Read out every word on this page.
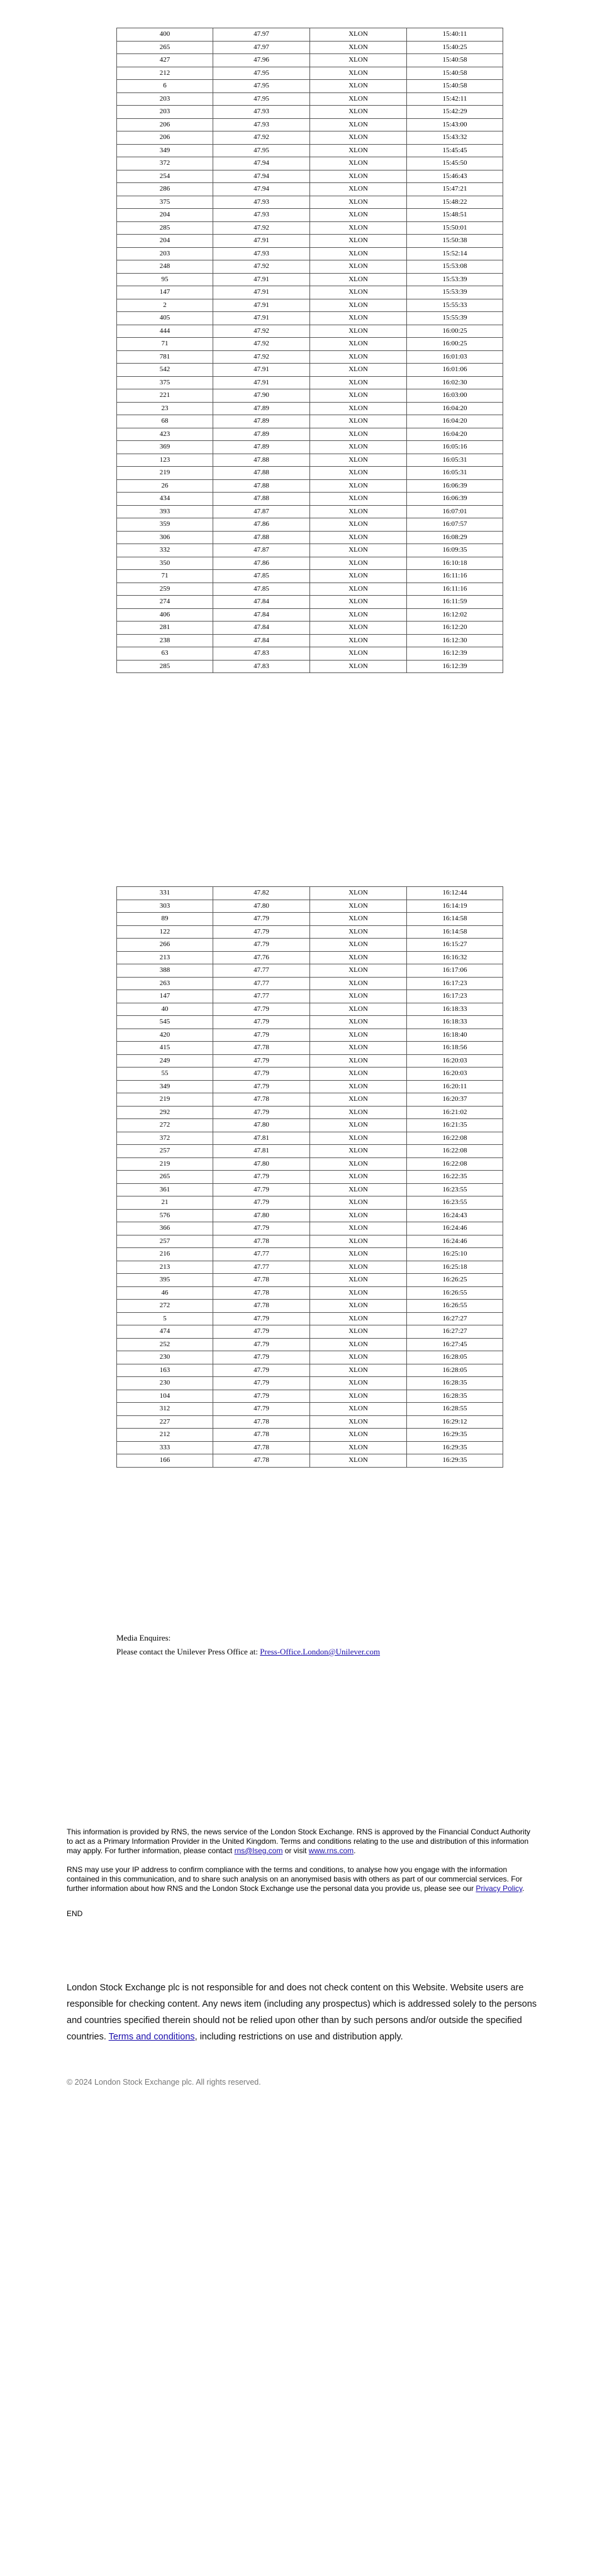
400	47.97	XLON	15:40:11
265	47.97	XLON	15:40:25
427	47.96	XLON	15:40:58
212	47.95	XLON	15:40:58
6	47.95	XLON	15:40:58
203	47.95	XLON	15:42:11
203	47.93	XLON	15:42:29
206	47.93	XLON	15:43:00
206	47.92	XLON	15:43:32
349	47.95	XLON	15:45:45
372	47.94	XLON	15:45:50
254	47.94	XLON	15:46:43
286	47.94	XLON	15:47:21
375	47.93	XLON	15:48:22
204	47.93	XLON	15:48:51
285	47.92	XLON	15:50:01
204	47.91	XLON	15:50:38
203	47.93	XLON	15:52:14
248	47.92	XLON	15:53:08
95	47.91	XLON	15:53:39
147	47.91	XLON	15:53:39
2	47.91	XLON	15:55:33
405	47.91	XLON	15:55:39
444	47.92	XLON	16:00:25
71	47.92	XLON	16:00:25
781	47.92	XLON	16:01:03
542	47.91	XLON	16:01:06
375	47.91	XLON	16:02:30
221	47.90	XLON	16:03:00
23	47.89	XLON	16:04:20
68	47.89	XLON	16:04:20
423	47.89	XLON	16:04:20
369	47.89	XLON	16:05:16
123	47.88	XLON	16:05:31
219	47.88	XLON	16:05:31
26	47.88	XLON	16:06:39
434	47.88	XLON	16:06:39
393	47.87	XLON	16:07:01
359	47.86	XLON	16:07:57
306	47.88	XLON	16:08:29
332	47.87	XLON	16:09:35
350	47.86	XLON	16:10:18
71	47.85	XLON	16:11:16
259	47.85	XLON	16:11:16
274	47.84	XLON	16:11:59
406	47.84	XLON	16:12:02
281	47.84	XLON	16:12:20
238	47.84	XLON	16:12:30
63	47.83	XLON	16:12:39
285	47.83	XLON	16:12:39
331	47.82	XLON	16:12:44
303	47.80	XLON	16:14:19
89	47.79	XLON	16:14:58
122	47.79	XLON	16:14:58
266	47.79	XLON	16:15:27
213	47.76	XLON	16:16:32
388	47.77	XLON	16:17:06
263	47.77	XLON	16:17:23
147	47.77	XLON	16:17:23
40	47.79	XLON	16:18:33
545	47.79	XLON	16:18:33
420	47.79	XLON	16:18:40
415	47.78	XLON	16:18:56
249	47.79	XLON	16:20:03
55	47.79	XLON	16:20:03
349	47.79	XLON	16:20:11
219	47.78	XLON	16:20:37
292	47.79	XLON	16:21:02
272	47.80	XLON	16:21:35
372	47.81	XLON	16:22:08
257	47.81	XLON	16:22:08
219	47.80	XLON	16:22:08
265	47.79	XLON	16:22:35
361	47.79	XLON	16:23:55
21	47.79	XLON	16:23:55
576	47.80	XLON	16:24:43
366	47.79	XLON	16:24:46
257	47.78	XLON	16:24:46
216	47.77	XLON	16:25:10
213	47.77	XLON	16:25:18
395	47.78	XLON	16:26:25
46	47.78	XLON	16:26:55
272	47.78	XLON	16:26:55
5	47.79	XLON	16:27:27
474	47.79	XLON	16:27:27
252	47.79	XLON	16:27:45
230	47.79	XLON	16:28:05
163	47.79	XLON	16:28:05
230	47.79	XLON	16:28:35
104	47.79	XLON	16:28:35
312	47.79	XLON	16:28:55
227	47.78	XLON	16:29:12
212	47.78	XLON	16:29:35
333	47.78	XLON	16:29:35
166	47.78	XLON	16:29:35
Media Enquires:
Please contact the Unilever Press Office at: Press-Office.London@Unilever.com
This information is provided by RNS, the news service of the London Stock Exchange. RNS is approved by the Financial Conduct Authority to act as a Primary Information Provider in the United Kingdom. Terms and conditions relating to the use and distribution of this information may apply. For further information, please contact rns@lseg.com or visit www.rns.com.
RNS may use your IP address to confirm compliance with the terms and conditions, to analyse how you engage with the information contained in this communication, and to share such analysis on an anonymised basis with others as part of our commercial services. For further information about how RNS and the London Stock Exchange use the personal data you provide us, please see our Privacy Policy.
END
London Stock Exchange plc is not responsible for and does not check content on this Website. Website users are responsible for checking content. Any news item (including any prospectus) which is addressed solely to the persons and countries specified therein should not be relied upon other than by such persons and/or outside the specified countries. Terms and conditions, including restrictions on use and distribution apply.
© 2024 London Stock Exchange plc. All rights reserved.
